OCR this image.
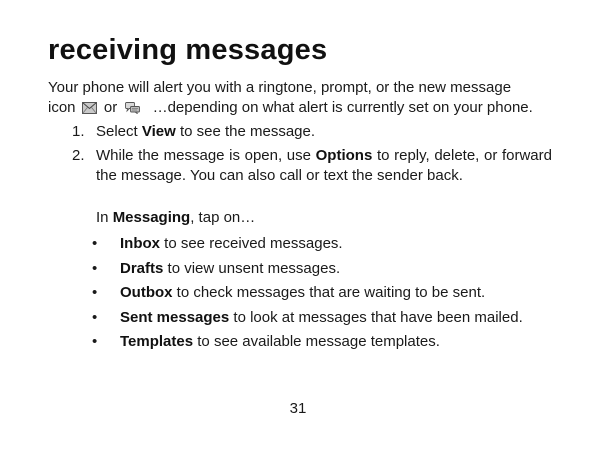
receiving messages
Your phone will alert you with a ringtone, prompt, or the new message
icon or …depending on what alert is currently set on your phone.
1. Select View to see the message.
2. While the message is open, use Options to reply, delete, or forward the message. You can also call or text the sender back.
In Messaging, tap on…
• Inbox to see received messages.
• Drafts to view unsent messages.
• Outbox to check messages that are waiting to be sent.
• Sent messages to look at messages that have been mailed.
• Templates to see available message templates.
31
